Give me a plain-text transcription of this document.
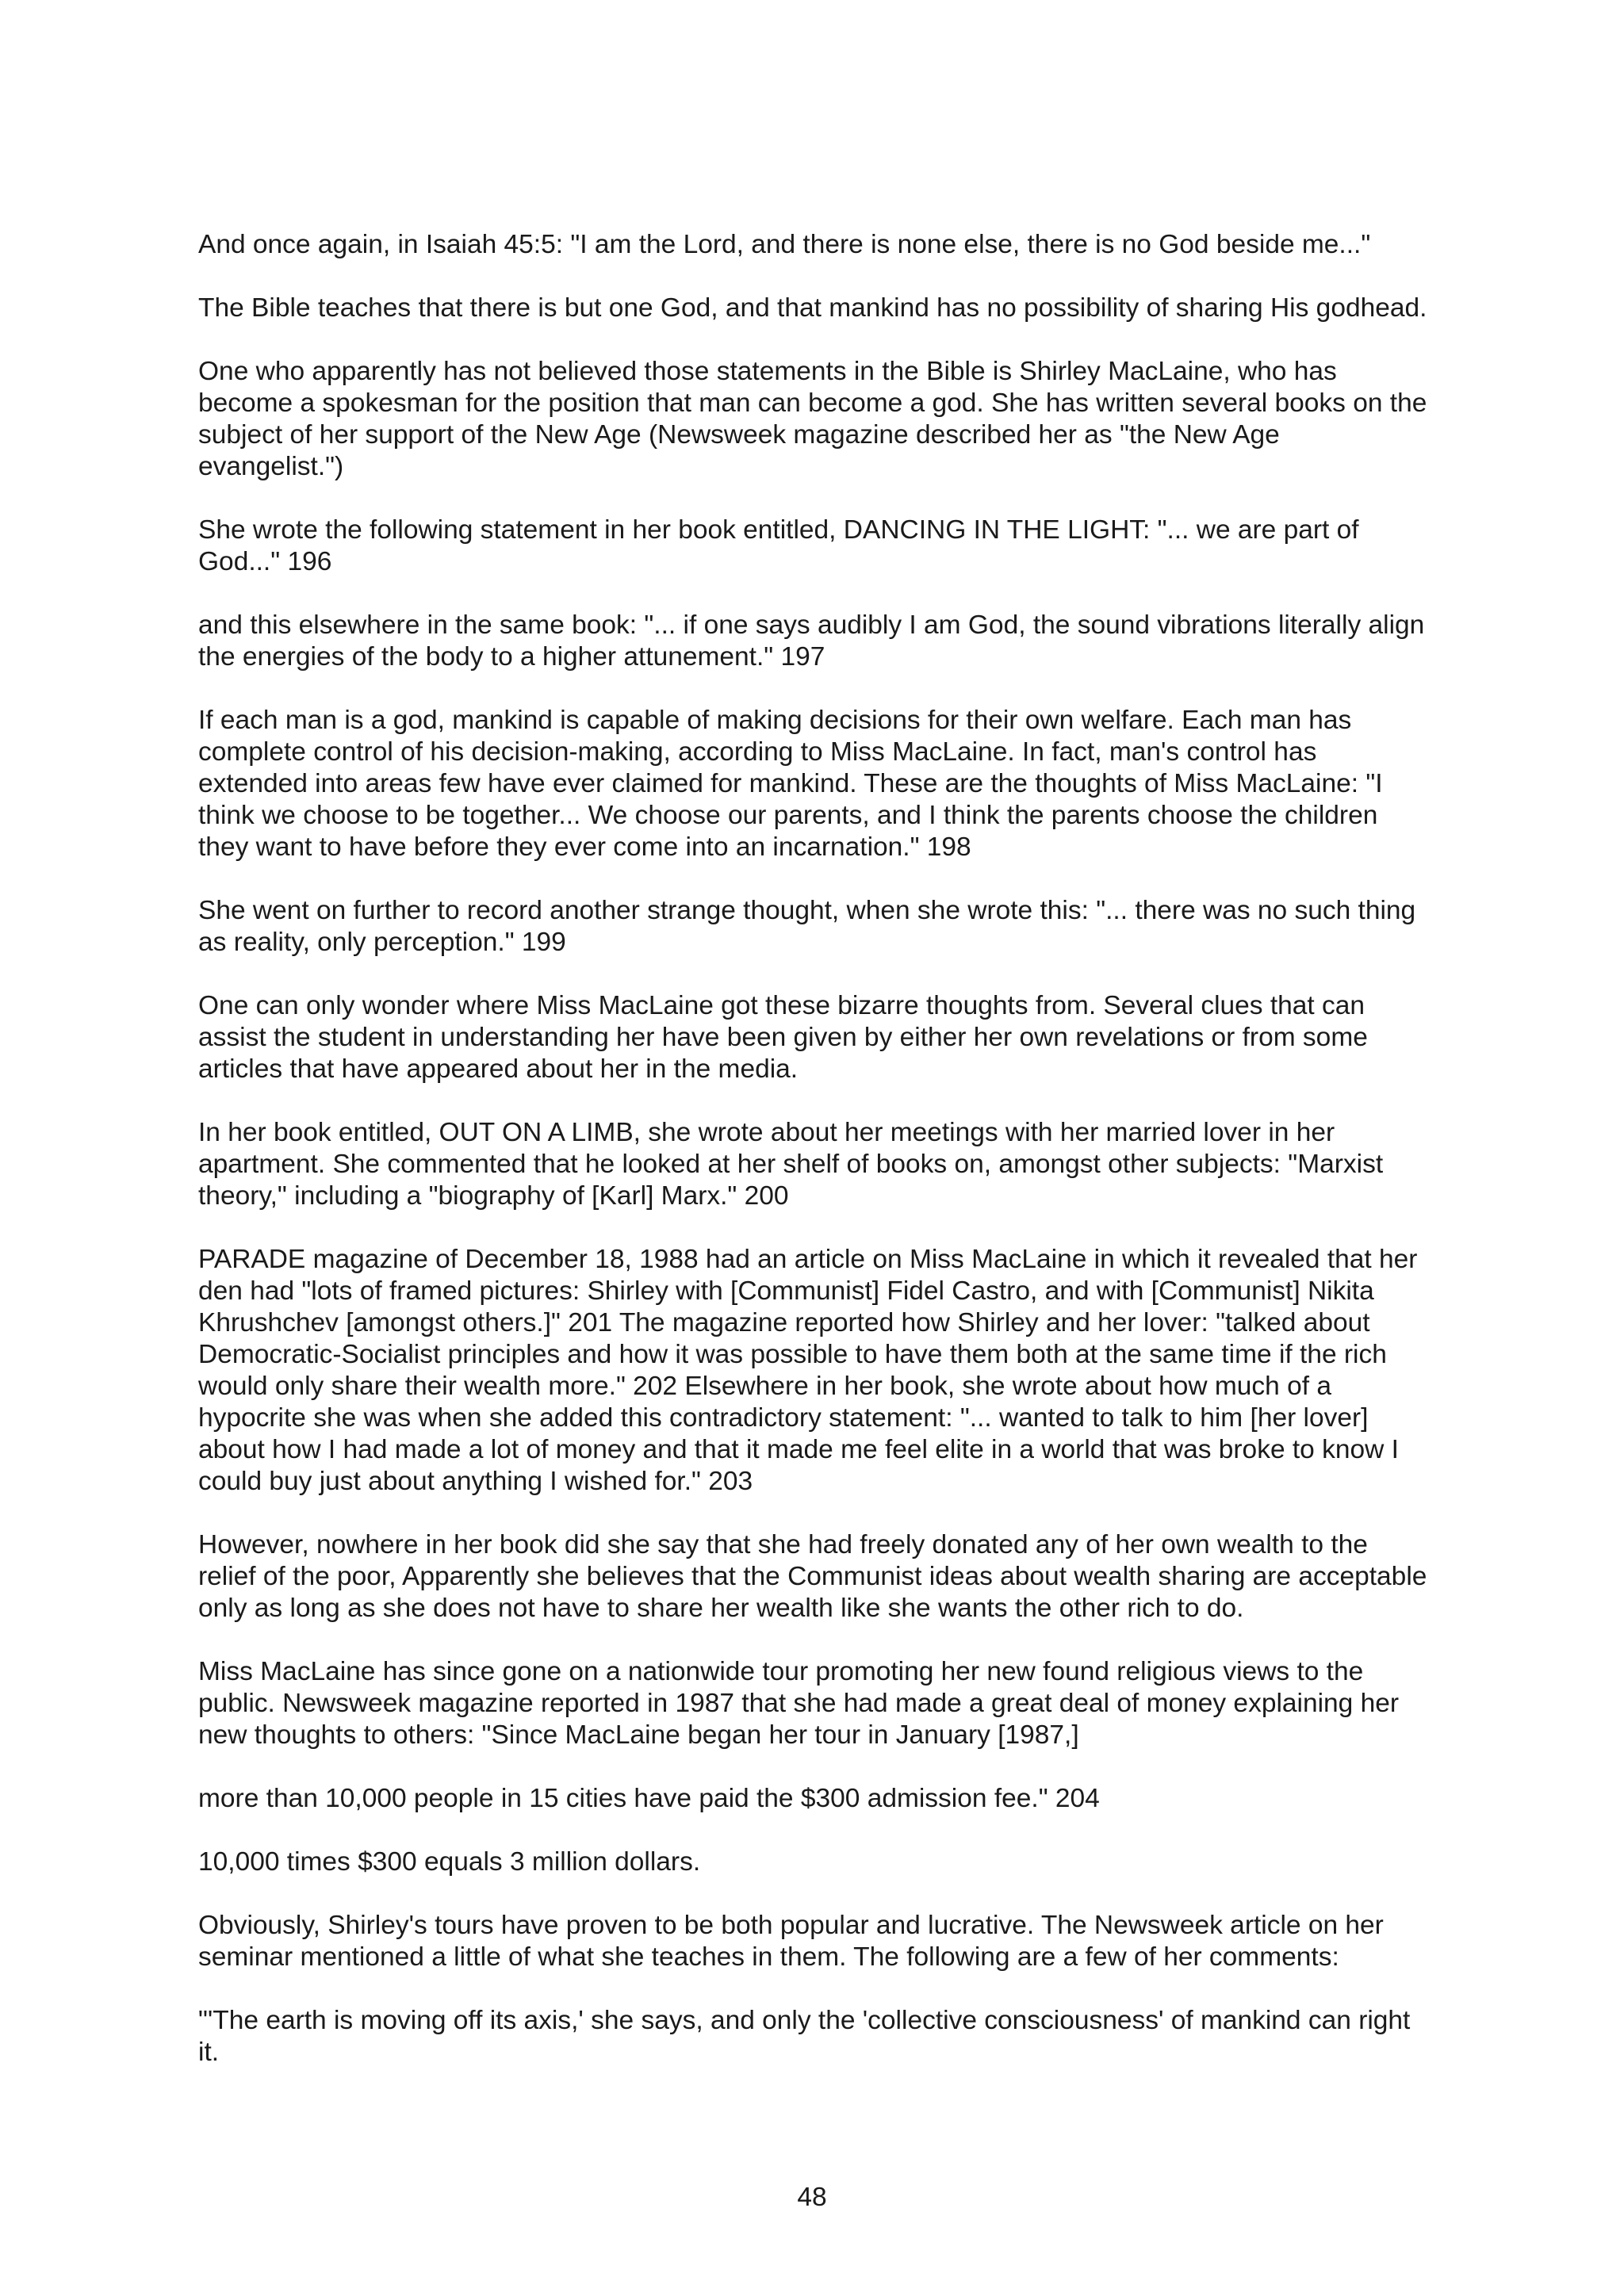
And once again, in Isaiah 45:5: "I am the Lord, and there is none else, there is no God beside me..."

The Bible teaches that there is but one God, and that mankind has no possibility of sharing His godhead.

One who apparently has not believed those statements in the Bible is Shirley MacLaine, who has become a spokesman for the position that man can become a god. She has written several books on the subject of her support of the New Age (Newsweek magazine described her as "the New Age evangelist.")

She wrote the following statement in her book entitled, DANCING IN THE LIGHT: "... we are part of God..." 196

and this elsewhere in the same book: "... if one says audibly I am God, the sound vibrations literally align the energies of the body to a higher attunement." 197

If each man is a god, mankind is capable of making decisions for their own welfare. Each man has complete control of his decision-making, according to Miss MacLaine. In fact, man's control has extended into areas few have ever claimed for mankind. These are the thoughts of Miss MacLaine: "I think we choose to be together... We choose our parents, and I think the parents choose the children they want to have before they ever come into an incarnation." 198

She went on further to record another strange thought, when she wrote this: "... there was no such thing as reality, only perception." 199

One can only wonder where Miss MacLaine got these bizarre thoughts from. Several clues that can assist the student in understanding her have been given by either her own revelations or from some articles that have appeared about her in the media.

In her book entitled, OUT ON A LIMB, she wrote about her meetings with her married lover in her apartment. She commented that he looked at her shelf of books on, amongst other subjects: "Marxist theory," including a "biography of [Karl] Marx." 200

PARADE magazine of December 18, 1988 had an article on Miss MacLaine in which it revealed that her den had "lots of framed pictures: Shirley with [Communist] Fidel Castro, and with [Communist] Nikita Khrushchev [amongst others.]" 201 The magazine reported how Shirley and her lover: "talked about Democratic-Socialist principles and how it was possible to have them both at the same time if the rich would only share their wealth more." 202 Elsewhere in her book, she wrote about how much of a hypocrite she was when she added this contradictory statement: "... wanted to talk to him [her lover] about how I had made a lot of money and that it made me feel elite in a world that was broke to know I could buy just about anything I wished for." 203

However, nowhere in her book did she say that she had freely donated any of her own wealth to the relief of the poor, Apparently she believes that the Communist ideas about wealth sharing are acceptable only as long as she does not have to share her wealth like she wants the other rich to do.

Miss MacLaine has since gone on a nationwide tour promoting her new found religious views to the public. Newsweek magazine reported in 1987 that she had made a great deal of money explaining her new thoughts to others: "Since MacLaine began her tour in January [1987,]

more than 10,000 people in 15 cities have paid the $300 admission fee." 204

10,000 times $300 equals 3 million dollars.

Obviously, Shirley's tours have proven to be both popular and lucrative. The Newsweek article on her seminar mentioned a little of what she teaches in them. The following are a few of her comments:

"'The earth is moving off its axis,' she says, and only the 'collective consciousness' of mankind can right it.

48
